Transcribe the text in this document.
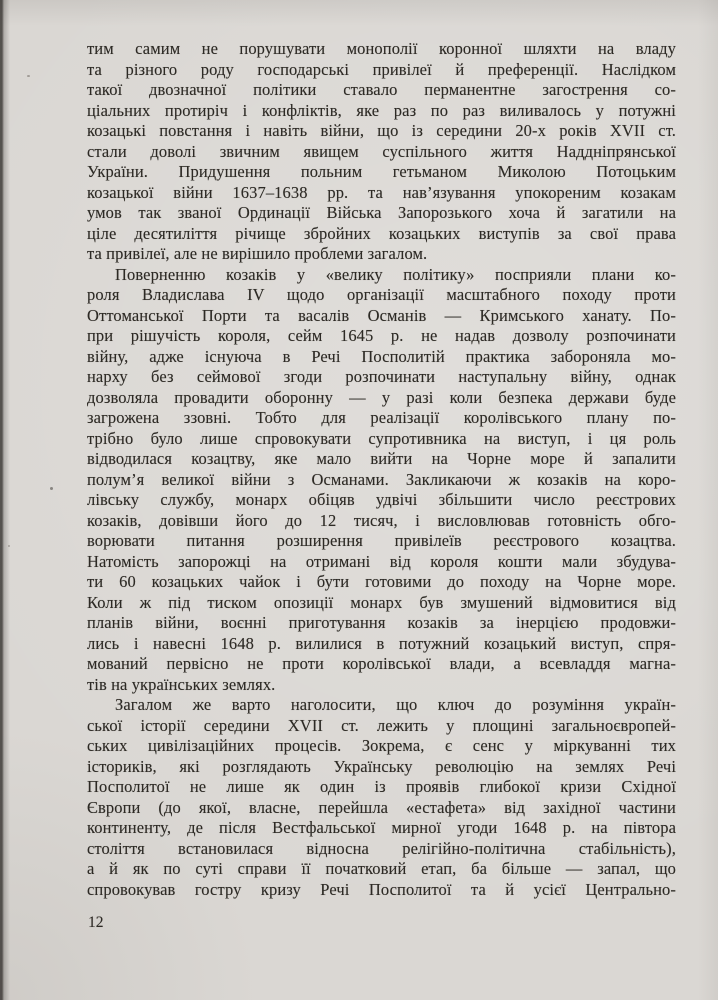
тим самим не порушувати монополії коронної шляхти на владу
та різного роду господарські привілеї й преференції. Наслідком
такої двозначної політики ставало перманентне загострення со-
ціальних протиріч і конфліктів, яке раз по раз виливалось у потужні
козацькі повстання і навіть війни, що із середини 20-х років XVII ст.
стали доволі звичним явищем суспільного життя Наддніпрянської
України. Придушення польним гетьманом Миколою Потоцьким
козацької війни 1637–1638 рр. та нав’язування упокореним козакам
умов так званої Ординації Війська Запорозького хоча й загатили на
ціле десятиліття річище збройних козацьких виступів за свої права
та привілеї, але не вирішило проблеми загалом.
Поверненню козаків у «велику політику» посприяли плани ко-
роля Владислава IV щодо організації масштабного походу проти
Оттоманської Порти та васалів Османів — Кримського ханату. По-
при рішучість короля, сейм 1645 р. не надав дозволу розпочинати
війну, адже існуюча в Речі Посполитій практика забороняла мо-
нарху без сеймової згоди розпочинати наступальну війну, однак
дозволяла провадити оборонну — у разі коли безпека держави буде
загрожена ззовні. Тобто для реалізації королівського плану по-
трібно було лише спровокувати супротивника на виступ, і ця роль
відводилася козацтву, яке мало вийти на Чорне море й запалити
полум’я великої війни з Османами. Закликаючи ж козаків на коро-
лівську службу, монарх обіцяв удвічі збільшити число реєстрових
козаків, довівши його до 12 тисяч, і висловлював готовність обго-
ворювати питання розширення привілеїв реєстрового козацтва.
Натомість запорожці на отримані від короля кошти мали збудува-
ти 60 козацьких чайок і бути готовими до походу на Чорне море.
Коли ж під тиском опозиції монарх був змушений відмовитися від
планів війни, воєнні приготування козаків за інерцією продовжи-
лись і навесні 1648 р. вилилися в потужний козацький виступ, спря-
мований первісно не проти королівської влади, а всевладдя магна-
тів на українських землях.
Загалом же варто наголосити, що ключ до розуміння україн-
ської історії середини XVII ст. лежить у площині загальноєвропей-
ських цивілізаційних процесів. Зокрема, є сенс у міркуванні тих
істориків, які розглядають Українську революцію на землях Речі
Посполитої не лише як один із проявів глибокої кризи Східної
Європи (до якої, власне, перейшла «естафета» від західної частини
континенту, де після Вестфальської мирної угоди 1648 р. на півтора
століття встановилася відносна релігійно-політична стабільність),
а й як по суті справи її початковий етап, ба більше — запал, що
спровокував гостру кризу Речі Посполитої та й усієї Центрально-
12
